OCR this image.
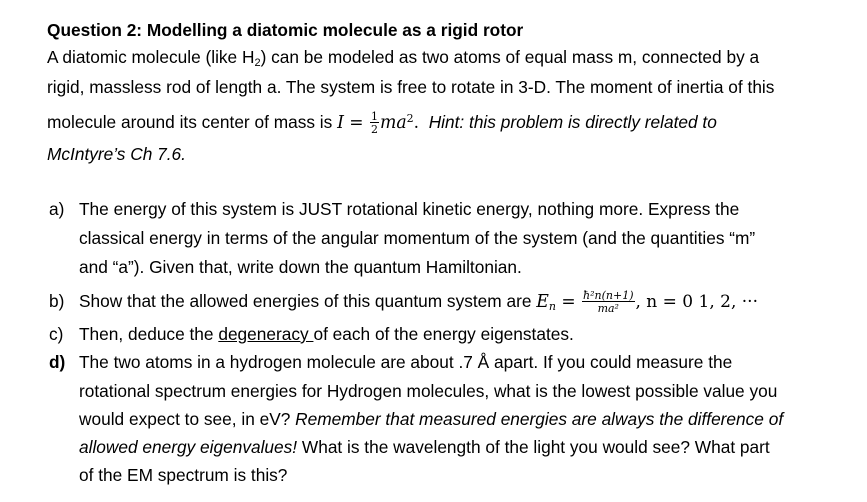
Question 2: Modelling a diatomic molecule as a rigid rotor
A diatomic molecule (like $H_2$) can be modeled as two atoms of equal mass m, connected by a
rigid, massless rod of length a. The system is free to rotate in 3-D. The moment of inertia of this
molecule around its center of mass is $I = \frac{1}{2} ma^2$. Hint: this problem is directly related to
McIntyre’s Ch 7.6.
a) The energy of this system is JUST rotational kinetic energy, nothing more. Express the
classical energy in terms of the angular momentum of the system (and the quantities “m”
and “a”). Given that, write down the quantum Hamiltonian.
b) Show that the allowed energies of this quantum system are $E_n = \frac{\text{ħ²n(n+1)}}{\text{ma²}}$ , n = 0 1, 2, ···
c) Then, deduce the degeneracy of each of the energy eigenstates.
d) The two atoms in a hydrogen molecule are about .7 Å apart. If you could measure the
rotational spectrum energies for Hydrogen molecules, what is the lowest possible value you
would expect to see, in eV? Remember that measured energies are always the difference of
allowed energy eigenvalues! What is the wavelength of the light you would see? What part
of the EM spectrum is this?
